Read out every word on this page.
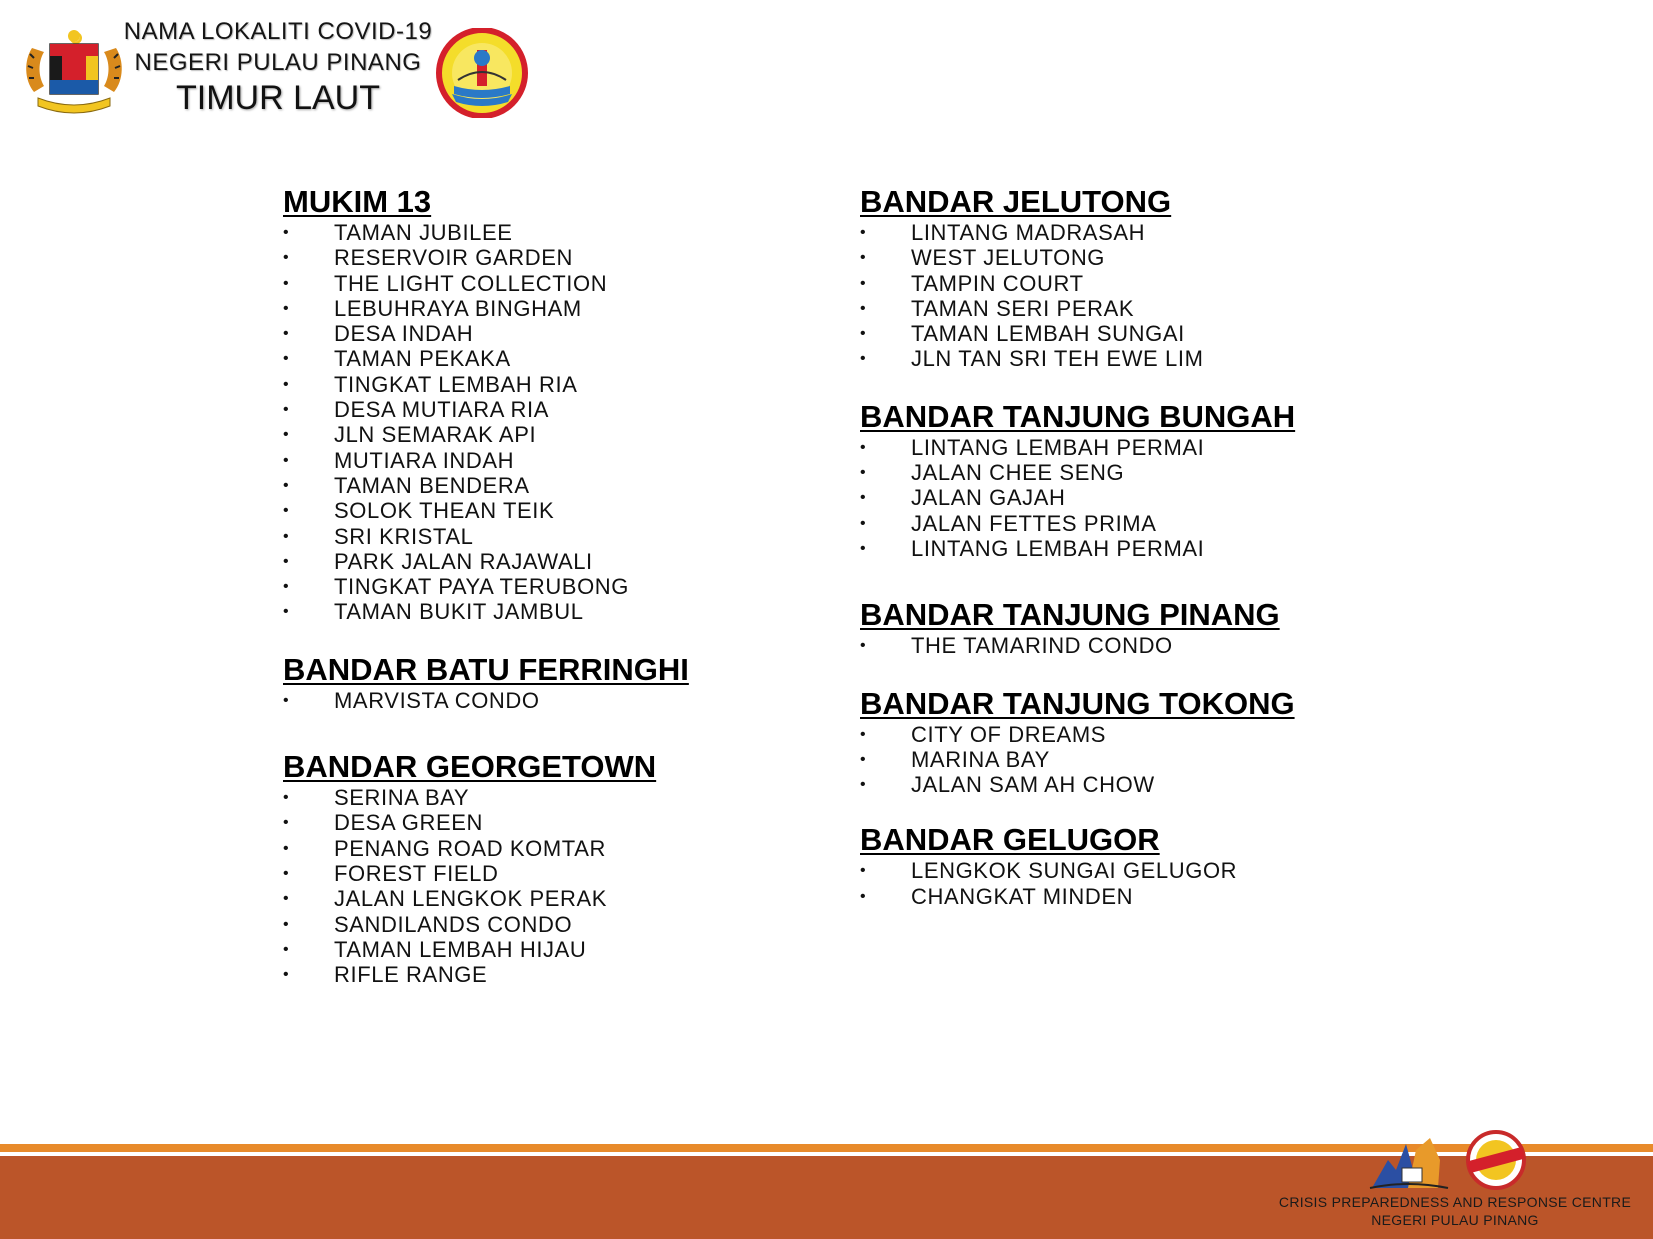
NAMA LOKALITI COVID-19
NEGERI PULAU PINANG
TIMUR LAUT
MUKIM 13
• TAMAN JUBILEE
• RESERVOIR GARDEN
• THE LIGHT COLLECTION
• LEBUHRAYA BINGHAM
• DESA INDAH
• TAMAN PEKAKA
• TINGKAT LEMBAH RIA
• DESA MUTIARA RIA
• JLN SEMARAK API
• MUTIARA INDAH
• TAMAN BENDERA
• SOLOK THEAN TEIK
• SRI KRISTAL
• PARK JALAN RAJAWALI
• TINGKAT PAYA TERUBONG
• TAMAN BUKIT JAMBUL
BANDAR BATU FERRINGHI
• MARVISTA CONDO
BANDAR GEORGETOWN
• SERINA BAY
• DESA GREEN
• PENANG ROAD KOMTAR
• FOREST FIELD
• JALAN LENGKOK PERAK
• SANDILANDS CONDO
• TAMAN LEMBAH HIJAU
• RIFLE RANGE
BANDAR JELUTONG
• LINTANG MADRASAH
• WEST JELUTONG
• TAMPIN COURT
• TAMAN SERI PERAK
• TAMAN LEMBAH SUNGAI
• JLN TAN SRI TEH EWE LIM
BANDAR TANJUNG BUNGAH
• LINTANG LEMBAH PERMAI
• JALAN CHEE SENG
• JALAN GAJAH
• JALAN FETTES PRIMA
• LINTANG LEMBAH PERMAI
BANDAR TANJUNG PINANG
• THE TAMARIND CONDO
BANDAR TANJUNG TOKONG
• CITY OF DREAMS
• MARINA BAY
• JALAN SAM AH CHOW
BANDAR GELUGOR
• LENGKOK SUNGAI GELUGOR
• CHANGKAT MINDEN
CRISIS PREPAREDNESS AND RESPONSE CENTRE
NEGERI PULAU PINANG
